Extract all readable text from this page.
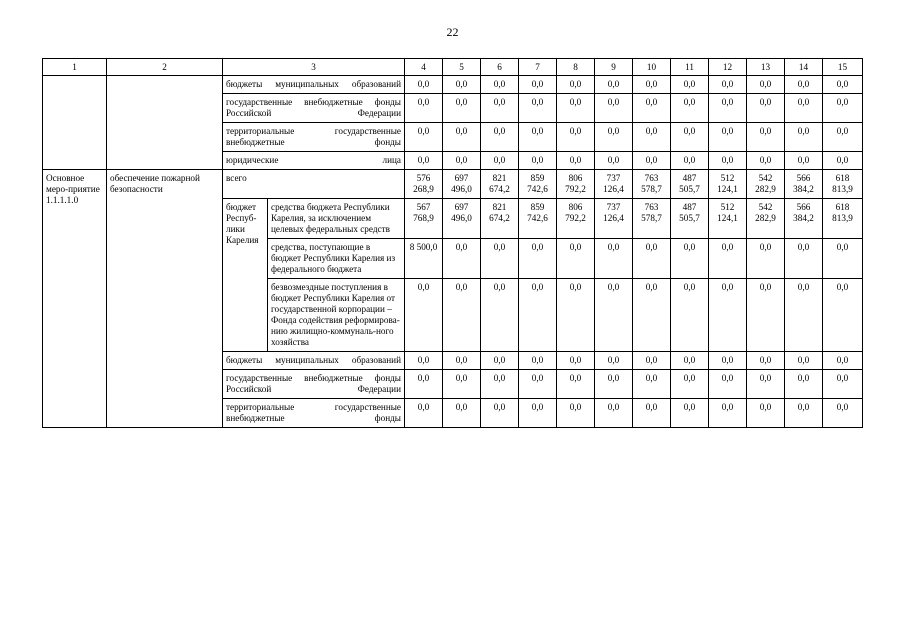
22
1	2	3		4	5	6	7	8	9	10	11	12	13	14	15
		бюджеты муниципальных образований		0,0	0,0	0,0	0,0	0,0	0,0	0,0	0,0	0,0	0,0	0,0	0,0
		государственные внебюджетные фонды Российской Федерации		0,0	0,0	0,0	0,0	0,0	0,0	0,0	0,0	0,0	0,0	0,0	0,0
		территориальные государственные внебюджетные фонды		0,0	0,0	0,0	0,0	0,0	0,0	0,0	0,0	0,0	0,0	0,0	0,0
		юридические лица		0,0	0,0	0,0	0,0	0,0	0,0	0,0	0,0	0,0	0,0	0,0	0,0
Основное меро-приятие 1.1.1.1.0	обеспечение пожарной безопасности	всего		576 268,9	697 496,0	821 674,2	859 742,6	806 792,2	737 126,4	763 578,7	487 505,7	512 124,1	542 282,9	566 384,2	618 813,9
		бюджет Респуб-лики Карелия	средства бюджета Республики Карелия, за исключением целевых федеральных средств	567 768,9	697 496,0	821 674,2	859 742,6	806 792,2	737 126,4	763 578,7	487 505,7	512 124,1	542 282,9	566 384,2	618 813,9
			средства, поступающие в бюджет Республики Карелия из федерального бюджета	8 500,0	0,0	0,0	0,0	0,0	0,0	0,0	0,0	0,0	0,0	0,0	0,0
			безвозмездные поступления в бюджет Республики Карелия от государственной корпорации – Фонда содействия реформирова-нию жилищно-коммуналь-ного хозяйства	0,0	0,0	0,0	0,0	0,0	0,0	0,0	0,0	0,0	0,0	0,0	0,0
		бюджеты муниципальных образований		0,0	0,0	0,0	0,0	0,0	0,0	0,0	0,0	0,0	0,0	0,0	0,0
		государственные внебюджетные фонды Российской Федерации		0,0	0,0	0,0	0,0	0,0	0,0	0,0	0,0	0,0	0,0	0,0	0,0
		территориальные государственные внебюджетные фонды		0,0	0,0	0,0	0,0	0,0	0,0	0,0	0,0	0,0	0,0	0,0	0,0
